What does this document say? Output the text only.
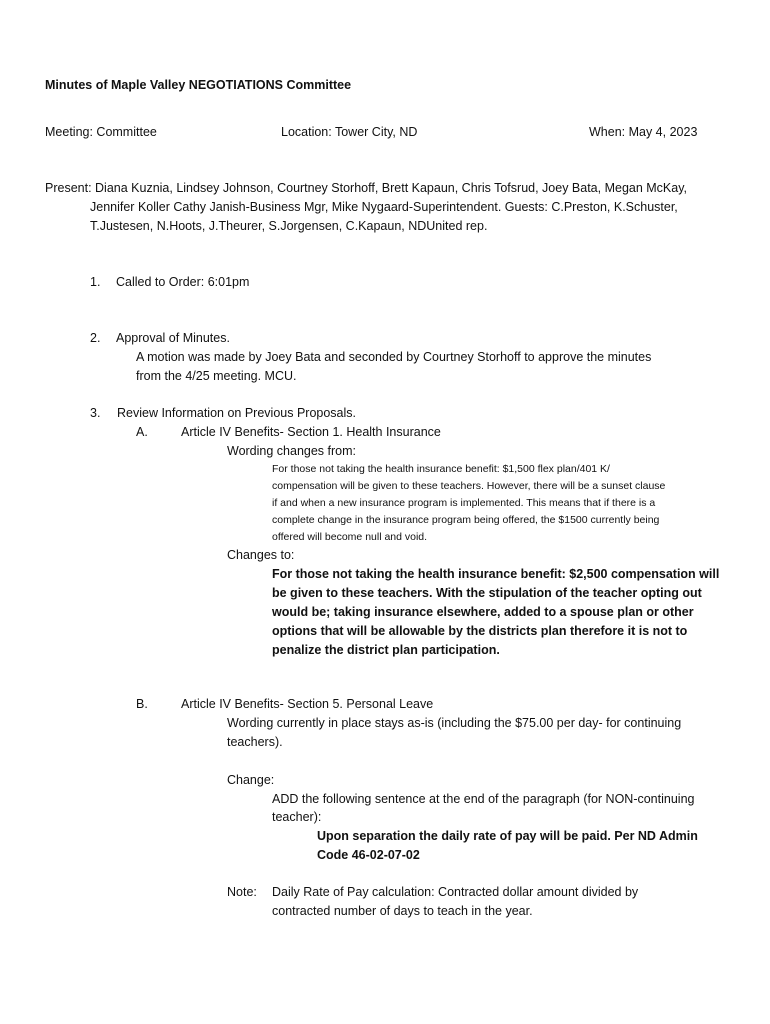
Minutes of Maple Valley NEGOTIATIONS Committee
Meeting: Committee	Location: Tower City, ND	When: May 4, 2023
Present: Diana Kuznia, Lindsey Johnson, Courtney Storhoff, Brett Kapaun, Chris Tofsrud, Joey Bata, Megan McKay,
Jennifer Koller Cathy Janish-Business Mgr, Mike Nygaard-Superintendent. Guests: C.Preston, K.Schuster,
T.Justesen, N.Hoots, J.Theurer, S.Jorgensen, C.Kapaun, NDUnited rep.
1. Called to Order: 6:01pm
2. Approval of Minutes.
A motion was made by Joey Bata and seconded by Courtney Storhoff to approve the minutes
from the 4/25 meeting. MCU.
3. Review Information on Previous Proposals.
A.	Article IV Benefits- Section 1. Health Insurance
Wording changes from:
For those not taking the health insurance benefit: $1,500 flex plan/401 K/
compensation will be given to these teachers. However, there will be a sunset clause
if and when a new insurance program is implemented. This means that if there is a
complete change in the insurance program being offered, the $1500 currently being
offered will become null and void.
Changes to:
For those not taking the health insurance benefit: $2,500 compensation will
be given to these teachers. With the stipulation of the teacher opting out
would be; taking insurance elsewhere, added to a spouse plan or other
options that will be allowable by the districts plan therefore it is not to
penalize the district plan participation.
B.	Article IV Benefits- Section 5. Personal Leave
Wording currently in place stays as-is (including the $75.00 per day- for continuing
teachers).
Change:
ADD the following sentence at the end of the paragraph (for NON-continuing
teacher):
Upon separation the daily rate of pay will be paid. Per ND Admin
Code 46-02-07-02
Note: Daily Rate of Pay calculation: Contracted dollar amount divided by
contracted number of days to teach in the year.
